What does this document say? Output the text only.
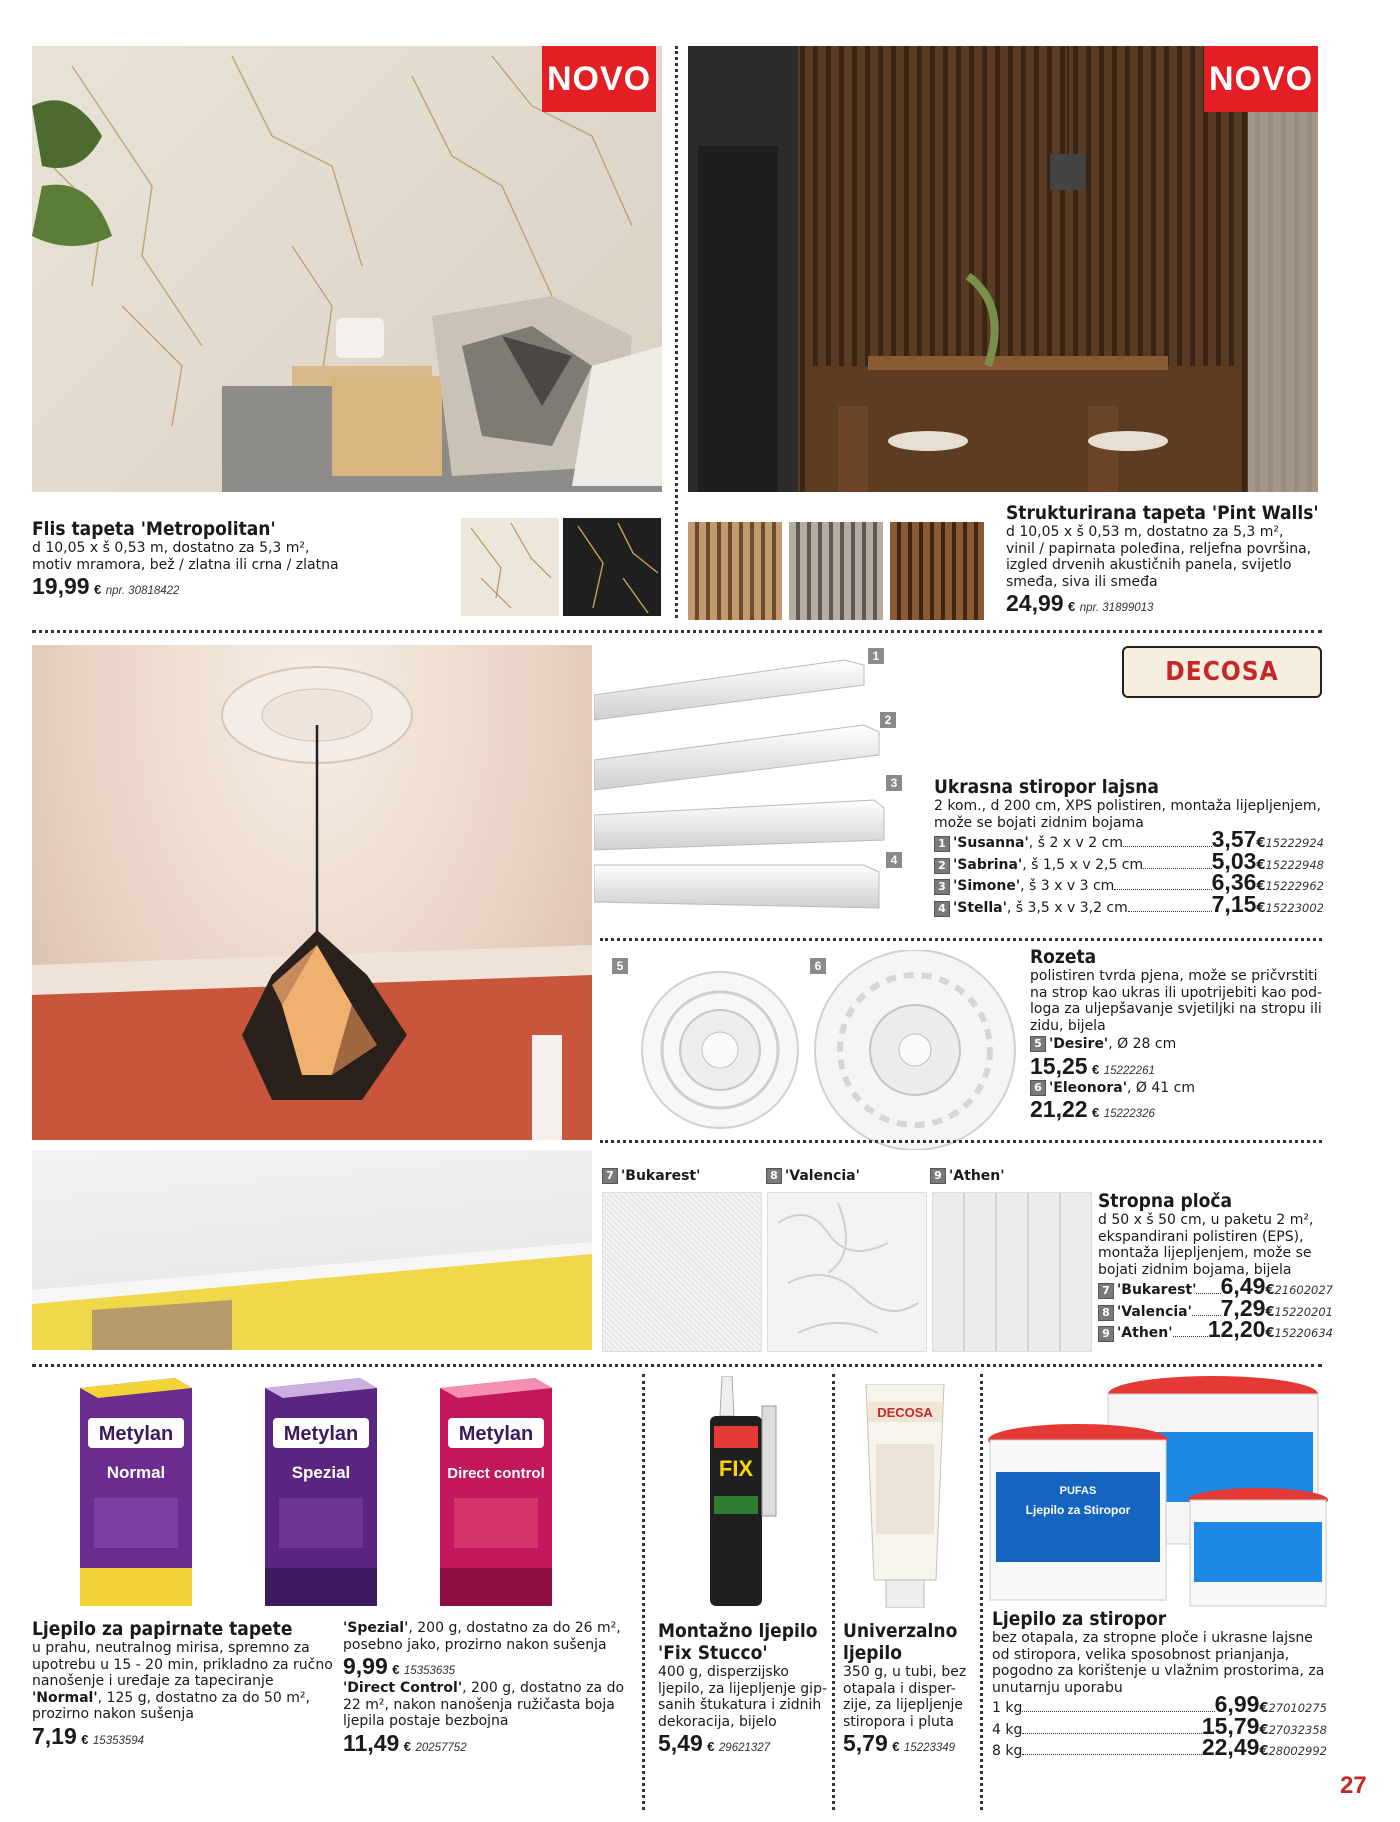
NOVO
Flis tapeta 'Metropolitan'
d 10,05 x š 0,53 m, dostatno za 5,3 m²,
motiv mramora, bež / zlatna ili crna / zlatna
19,99 € npr. 30818422
NOVO
Strukturirana tapeta 'Pint Walls'
d 10,05 x š 0,53 m, dostatno za 5,3 m²,
vinil / papirnata poleđina, reljefna površina,
izgled drvenih akustičnih panela, svijetlo
smeđa, siva ili smeđa
24,99 € npr. 31899013
1
2
3
4
DECOSA
Ukrasna stiropor lajsna
2 kom., d 200 cm, XPS polistiren, montaža lijepljenjem,
može se bojati zidnim bojama
1 'Susanna' , š 2 x v 2 cm	3,57 € 15222924
2 'Sabrina' , š 1,5 x v 2,5 cm	5,03 € 15222948
3 'Simone' , š 3 x v 3 cm	6,36 € 15222962
4 'Stella' , š 3,5 x v 3,2 cm	7,15 € 15223002
5	6	Rozeta
polistiren tvrda pjena, može se pričvrstiti
na strop kao ukras ili upotrijebiti kao pod-
loga za uljepšavanje svjetiljki na stropu ili
zidu, bijela
5 'Desire', Ø 28 cm
15,25 € 15222261
6 'Eleonora', Ø 41 cm
21,22 € 15222326
7 'Bukarest'	8 'Valencia'	9 'Athen'
Stropna ploča
d 50 x š 50 cm, u paketu 2 m²,
ekspandirani polistiren (EPS),
montaža lijepljenjem, može se
bojati zidnim bojama, bijela
7 'Bukarest' 6,49 € 21602027
8 'Valencia' 7,29 € 15220201
9 'Athen' 12,20 € 15220634
Metylan
Normal
Metylan
Spezial
Metylan
Direct control
Ljepilo za papirnate tapete
u prahu, neutralnog mirisa, spremno za
upotrebu u 15 - 20 min, prikladno za ručno
nanošenje i uređaje za tapeciranje
'Normal', 125 g, dostatno za do 50 m²,
prozirno nakon sušenja
7,19 € 15353594
'Spezial', 200 g, dostatno za do 26 m²,
posebno jako, prozirno nakon sušenja
9,99 € 15353635
'Direct Control', 200 g, dostatno za do
22 m², nakon nanošenja ružičasta boja
ljepila postaje bezbojna
11,49 € 20257752
FIX
Montažno ljepilo
'Fix Stucco'
400 g, disperzijsko
ljepilo, za lijepljenje gip-
sanih štukatura i zidnih
dekoracija, bijelo
5,49 € 29621327
DECOSA
Univerzalno
ljepilo
350 g, u tubi, bez
otapala i disper-
zije, za lijepljenje
stiropora i pluta
5,79 € 15223349
PUFAS
Ljepilo za Stiropor
Ljepilo za stiropor
bez otapala, za stropne ploče i ukrasne lajsne
od stiropora, velika sposobnost prianjanja,
pogodno za korištenje u vlažnim prostorima, za
unutarnju uporabu
1 kg	6,99 € 27010275
4 kg	15,79 € 27032358
8 kg	22,49 € 28002992
27
